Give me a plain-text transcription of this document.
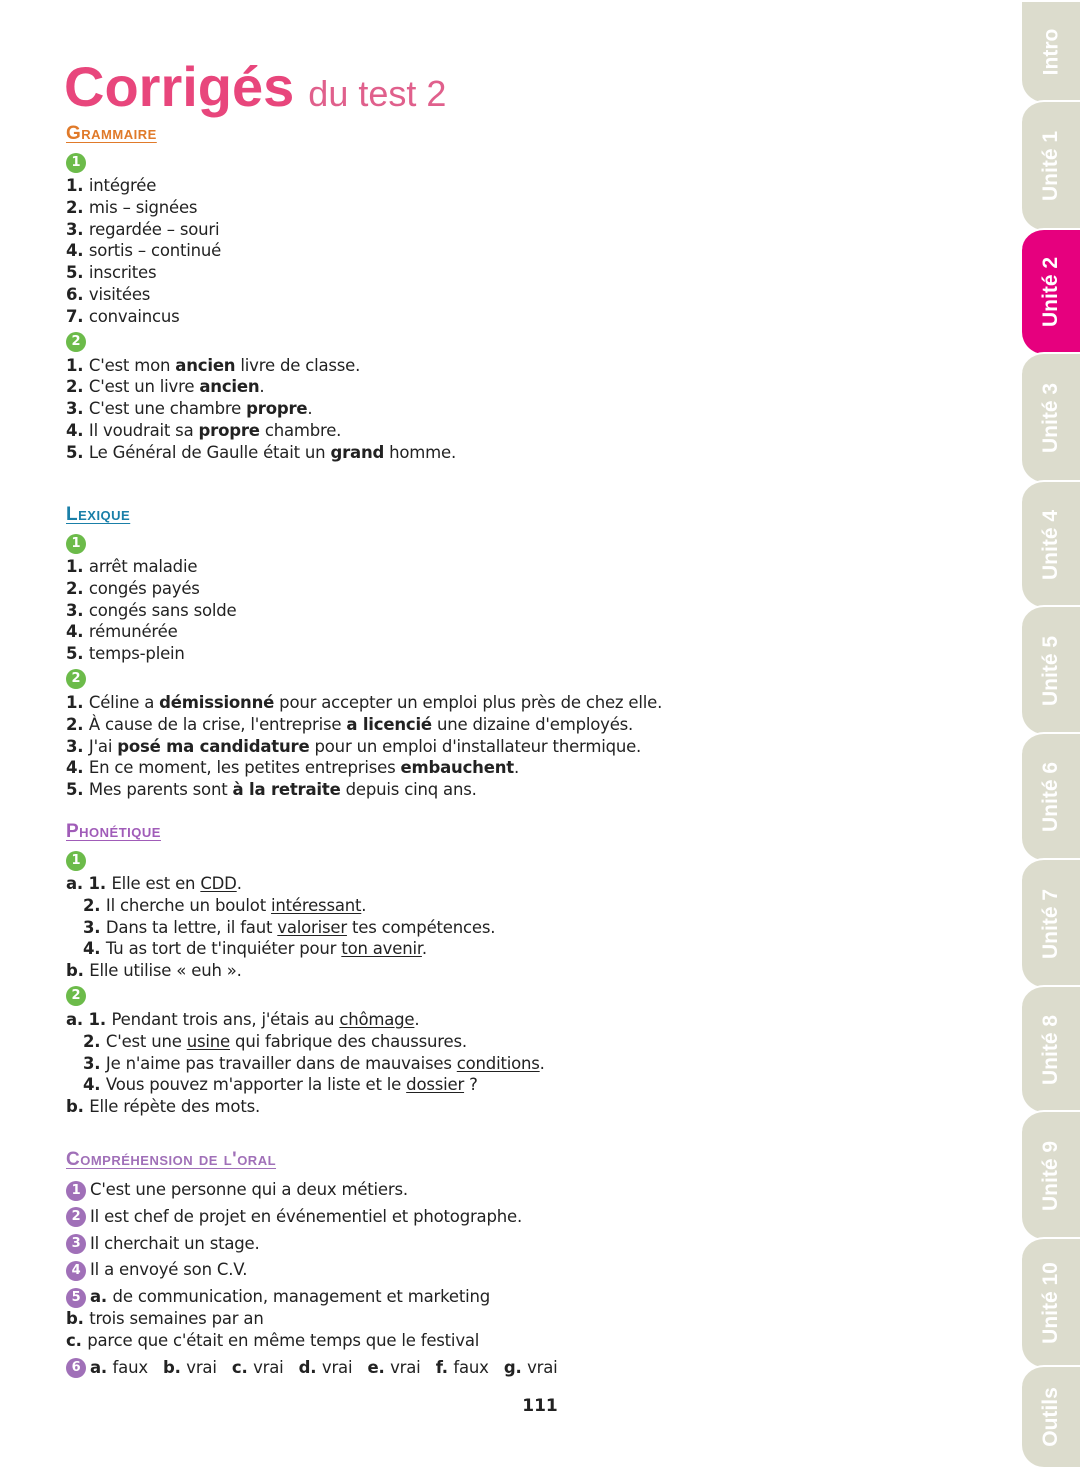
Corrigés du test 2
Grammaire
1
1. intégrée
2. mis – signées
3. regardée – souri
4. sortis – continué
5. inscrites
6. visitées
7. convaincus
2
1. C'est mon ancien livre de classe.
2. C'est un livre ancien.
3. C'est une chambre propre.
4. Il voudrait sa propre chambre.
5. Le Général de Gaulle était un grand homme.
Lexique
1
1. arrêt maladie
2. congés payés
3. congés sans solde
4. rémunérée
5. temps-plein
2
1. Céline a démissionné pour accepter un emploi plus près de chez elle.
2. À cause de la crise, l'entreprise a licencié une dizaine d'employés.
3. J'ai posé ma candidature pour un emploi d'installateur thermique.
4. En ce moment, les petites entreprises embauchent.
5. Mes parents sont à la retraite depuis cinq ans.
Phonétique
1
a. 1. Elle est en CDD.
2. Il cherche un boulot intéressant.
3. Dans ta lettre, il faut valoriser tes compétences.
4. Tu as tort de t'inquiéter pour ton avenir.
b. Elle utilise « euh ».
2
a. 1. Pendant trois ans, j'étais au chômage.
2. C'est une usine qui fabrique des chaussures.
3. Je n'aime pas travailler dans de mauvaises conditions.
4. Vous pouvez m'apporter la liste et le dossier ?
b. Elle répète des mots.
Compréhension de l'oral
1 C'est une personne qui a deux métiers.
2 Il est chef de projet en événementiel et photographe.
3 Il cherchait un stage.
4 Il a envoyé son C.V.
5 a. de communication, management et marketing
b. trois semaines par an
c. parce que c'était en même temps que le festival
6 a. faux   b. vrai   c. vrai   d. vrai   e. vrai   f. faux   g. vrai
111
Intro
Unité 1
Unité 2
Unité 3
Unité 4
Unité 5
Unité 6
Unité 7
Unité 8
Unité 9
Unité 10
Outils
